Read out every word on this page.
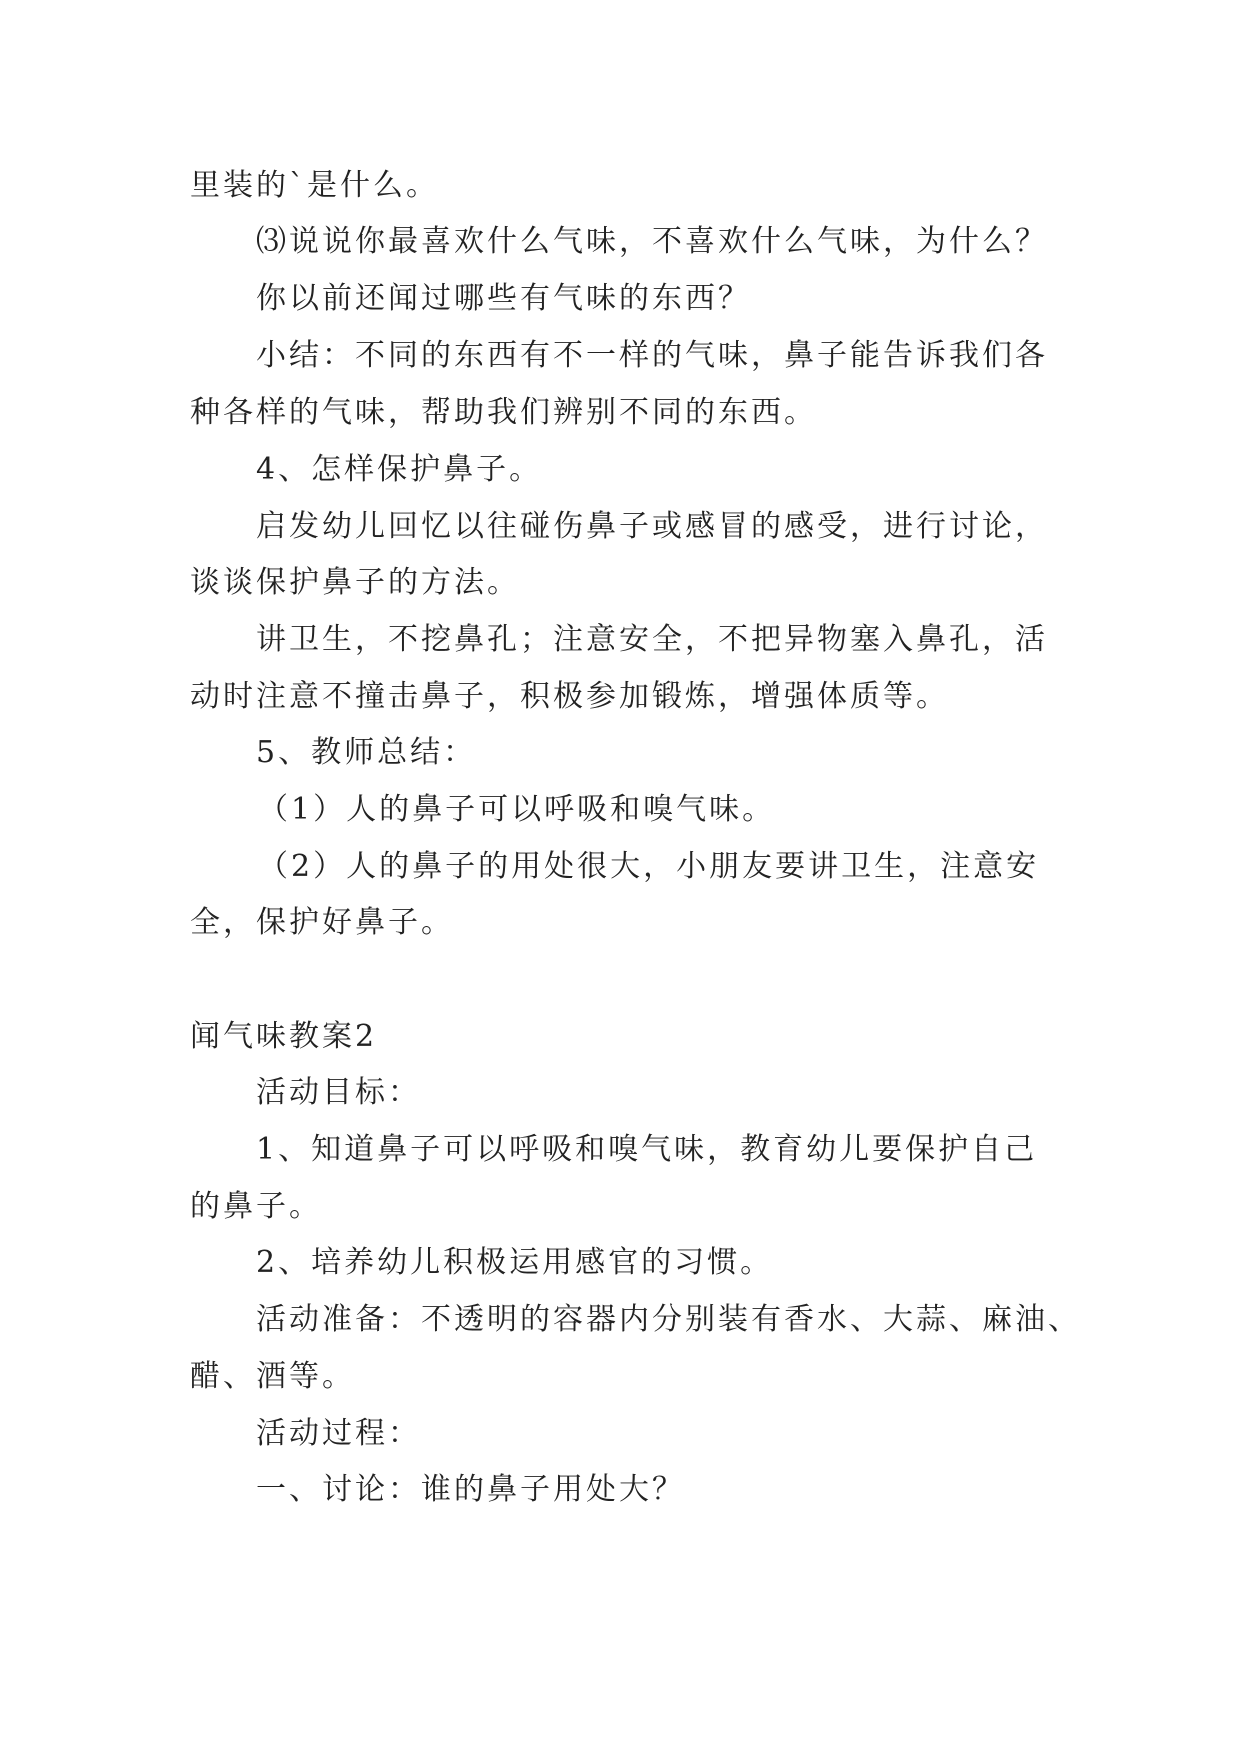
里装的`是什么。
⑶说说你最喜欢什么气味，不喜欢什么气味，为什么？
你以前还闻过哪些有气味的东西？
小结：不同的东西有不一样的气味，鼻子能告诉我们各
种各样的气味，帮助我们辨别不同的东西。
4、怎样保护鼻子。
启发幼儿回忆以往碰伤鼻子或感冒的感受，进行讨论，
谈谈保护鼻子的方法。
讲卫生，不挖鼻孔；注意安全，不把异物塞入鼻孔，活
动时注意不撞击鼻子，积极参加锻炼，增强体质等。
5、教师总结：
（1）人的鼻子可以呼吸和嗅气味。
（2）人的鼻子的用处很大，小朋友要讲卫生，注意安
全，保护好鼻子。
闻气味教案2
活动目标：
1、知道鼻子可以呼吸和嗅气味，教育幼儿要保护自己
的鼻子。
2、培养幼儿积极运用感官的习惯。
活动准备：不透明的容器内分别装有香水、大蒜、麻油、
醋、酒等。
活动过程：
一、讨论：谁的鼻子用处大？
